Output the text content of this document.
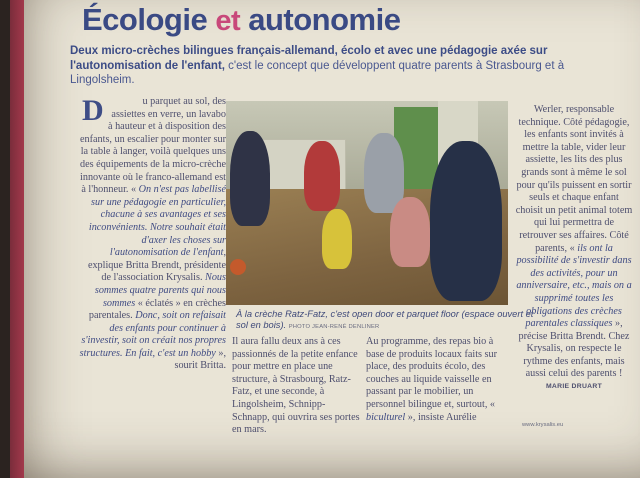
Écologie et autonomie
Deux micro-crèches bilingues français-allemand, écolo et avec une pédagogie axée sur l'autonomisation de l'enfant, c'est le concept que développent quatre parents à Strasbourg et à Lingolsheim.
D	u parquet au sol, des assiettes en verre, un lavabo à hauteur et à disposition des enfants, un escalier pour monter sur la table à langer, voilà quelques uns des équipements de la micro-crèche innovante où le franco-allemand est à l'honneur. « On n'est pas labellisé sur une pédagogie en particulier, chacune à ses avantages et ses inconvénients. Notre souhait était d'axer les choses sur l'autonomisation de l'enfant, explique Britta Brendt, présidente de l'association Krysalis. Nous sommes quatre parents qui nous sommes « éclatés » en crèches parentales. Donc, soit on refaisait des enfants pour continuer à s'investir, soit on créait nos propres structures. En fait, c'est un hobby », sourit Britta.
À la crèche Ratz-Fatz, c'est open door et parquet floor (espace ouvert et sol en bois). PHOTO JEAN-RENÉ DENLINER
Il aura fallu deux ans à ces passionnés de la petite enfance pour mettre en place une structure, à Strasbourg, Ratz-Fatz, et une seconde, à Lingolsheim, Schnipp-Schnapp, qui ouvrira ses portes en mars.
Au programme, des repas bio à base de produits locaux faits sur place, des produits écolo, des couches au liquide vaisselle en passant par le mobilier, un personnel bilingue et, surtout, « biculturel », insiste Aurélie
Werler, responsable technique. Côté pédagogie, les enfants sont invités à mettre la table, vider leur assiette, les lits des plus grands sont à même le sol pour qu'ils puissent en sortir seuls et chaque enfant choisit un petit animal totem qui lui permettra de retrouver ses affaires. Côté parents, « ils ont la possibilité de s'investir dans des activités, pour un anniversaire, etc., mais on a supprimé toutes les obligations des crèches parentales classiques », précise Britta Brendt. Chez Krysalis, on respecte le rythme des enfants, mais aussi celui des parents !
MARIE DRUART
www.krysalis.eu
